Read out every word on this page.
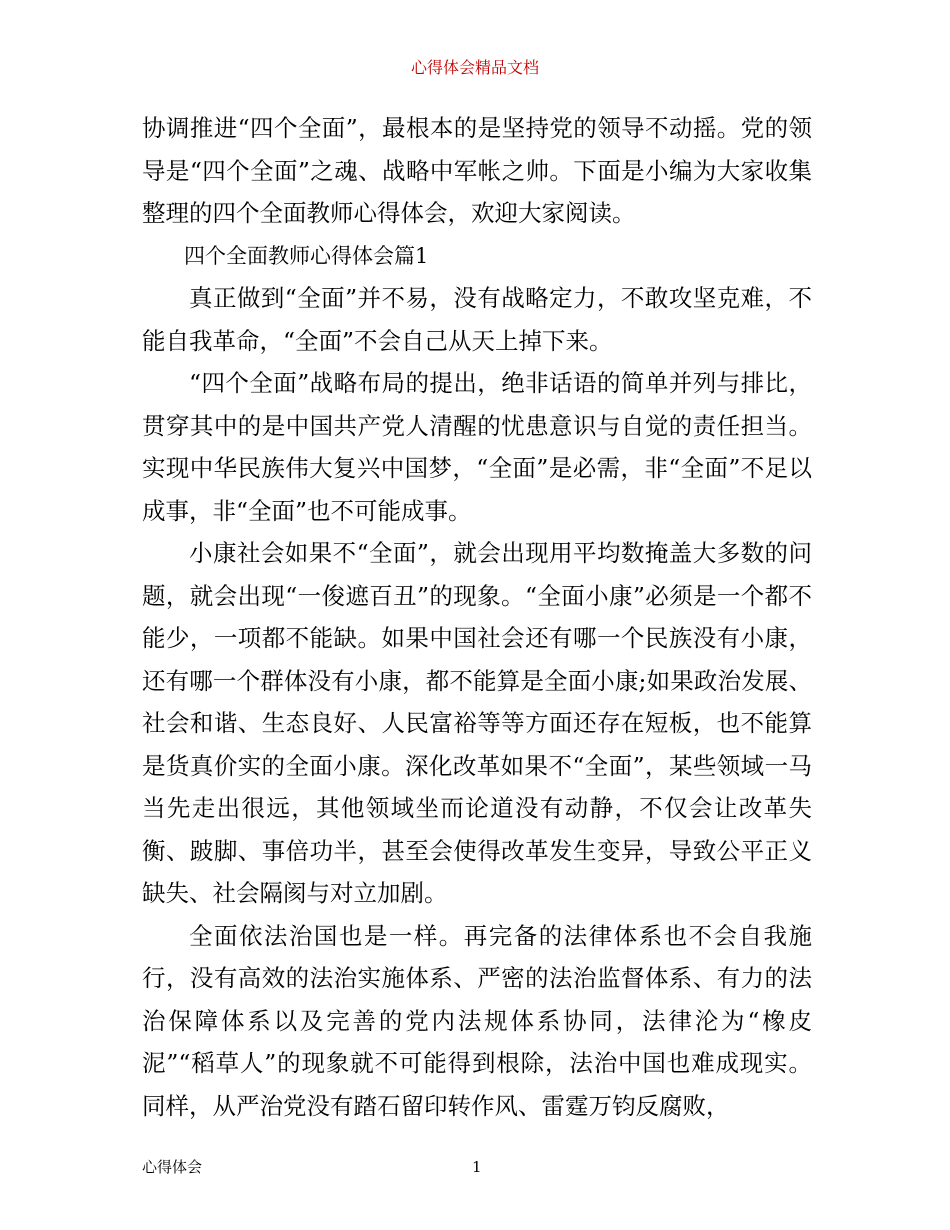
心得体会精品文档

协调推进“四个全面”，最根本的是坚持党的领导不动摇。党的领导是“四个全面”之魂、战略中军帐之帅。下面是小编为大家收集整理的四个全面教师心得体会，欢迎大家阅读。

四个全面教师心得体会篇1

真正做到“全面”并不易，没有战略定力，不敢攻坚克难，不能自我革命，“全面”不会自己从天上掉下来。

“四个全面”战略布局的提出，绝非话语的简单并列与排比，贯穿其中的是中国共产党人清醒的忧患意识与自觉的责任担当。实现中华民族伟大复兴中国梦，“全面”是必需，非“全面”不足以成事，非“全面”也不可能成事。

小康社会如果不“全面”，就会出现用平均数掩盖大多数的问题，就会出现“一俊遮百丑”的现象。“全面小康”必须是一个都不能少，一项都不能缺。如果中国社会还有哪一个民族没有小康，还有哪一个群体没有小康，都不能算是全面小康;如果政治发展、社会和谐、生态良好、人民富裕等等方面还存在短板，也不能算是货真价实的全面小康。深化改革如果不“全面”，某些领域一马当先走出很远，其他领域坐而论道没有动静，不仅会让改革失衡、跛脚、事倍功半，甚至会使得改革发生变异，导致公平正义缺失、社会隔阂与对立加剧。

全面依法治国也是一样。再完备的法律体系也不会自我施行，没有高效的法治实施体系、严密的法治监督体系、有力的法治保障体系以及完善的党内法规体系协同，法律沦为“橡皮泥”“稻草人”的现象就不可能得到根除，法治中国也难成现实。同样，从严治党没有踏石留印转作风、雷霆万钧反腐败，

心得体会	1
